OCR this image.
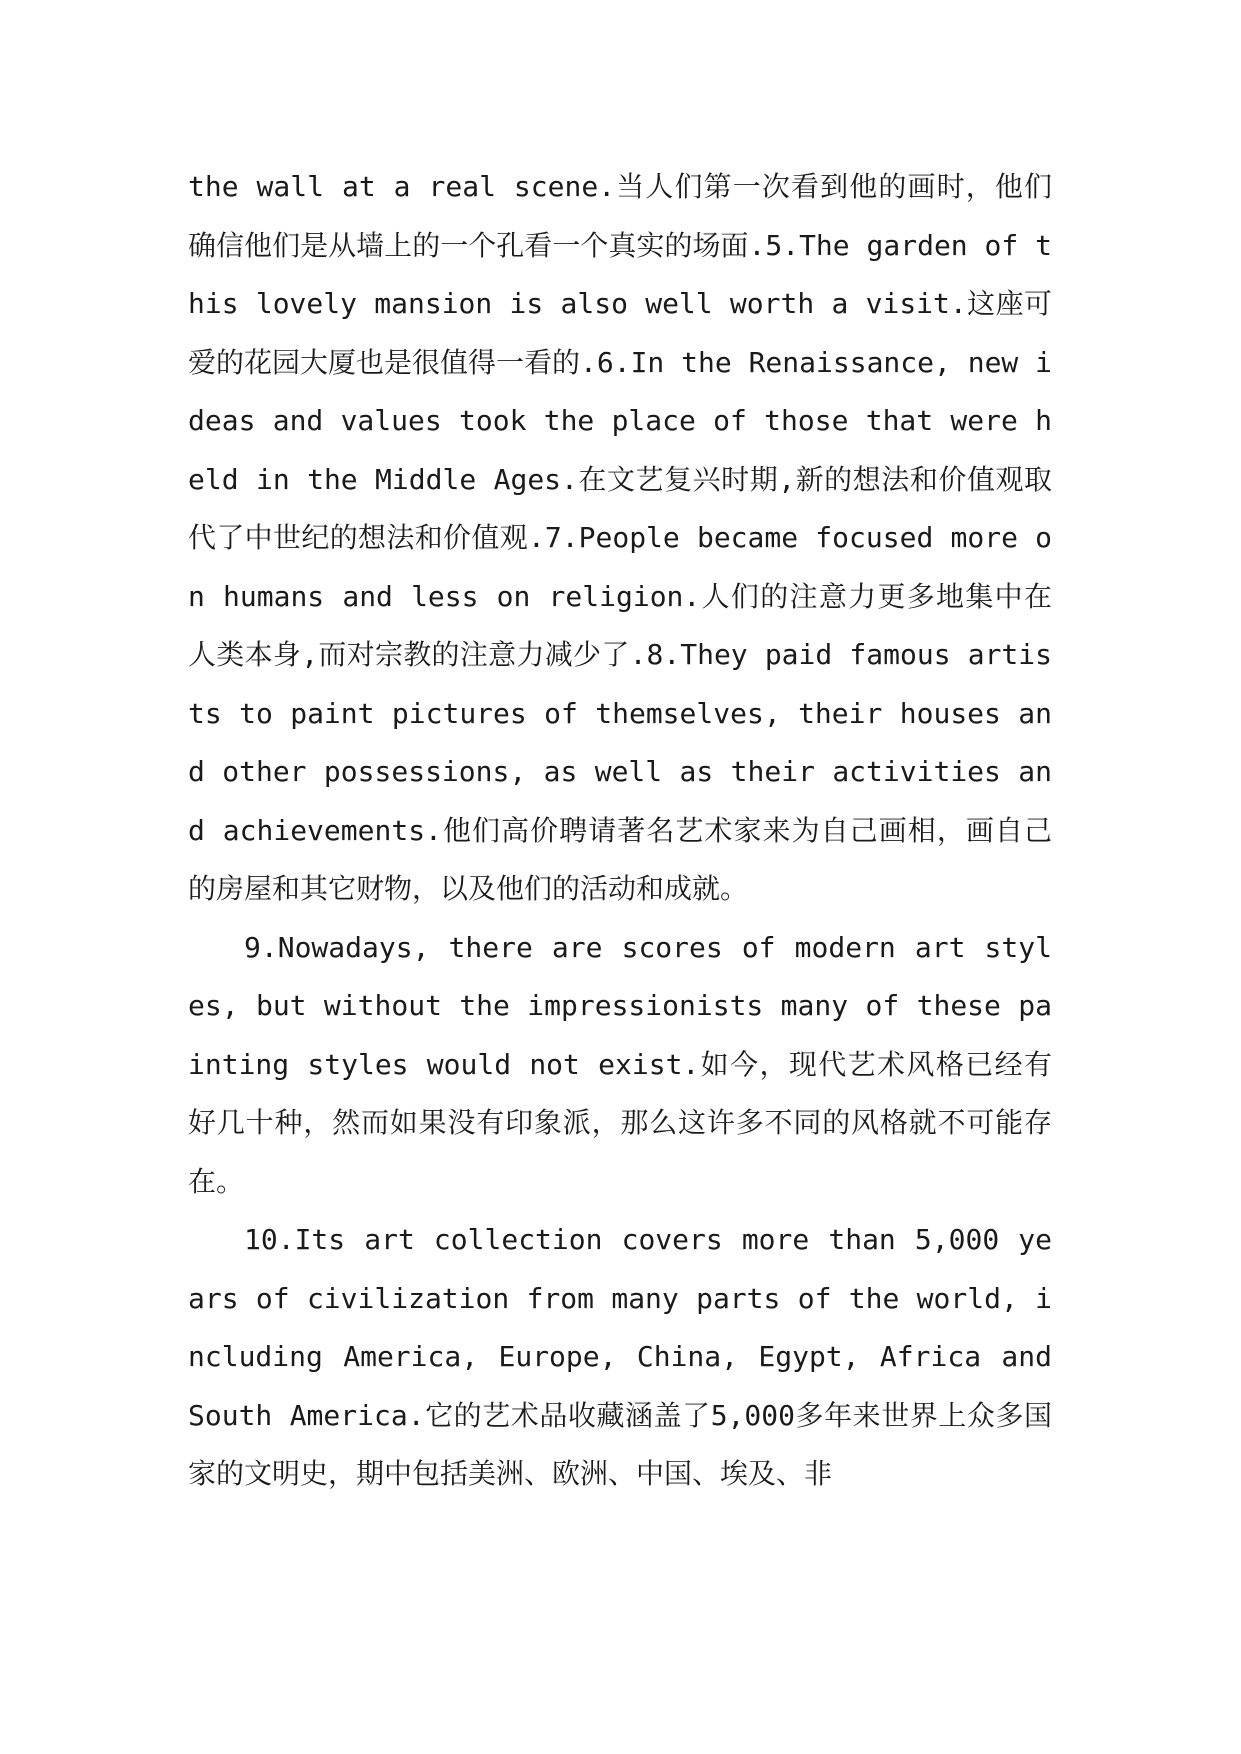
the wall at a real scene.当人们第一次看到他的画时，他们确信他们是从墙上的一个孔看一个真实的场面.5.The garden of this lovely mansion is also well worth a visit.这座可爱的花园大厦也是很值得一看的.6.In the Renaissance, new ideas and values took the place of those that were held in the Middle Ages.在文艺复兴时期,新的想法和价值观取代了中世纪的想法和价值观.7.People became focused more on humans and less on religion.人们的注意力更多地集中在人类本身,而对宗教的注意力减少了.8.They paid famous artists to paint pictures of themselves, their houses and other possessions, as well as their activities and achievements.他们高价聘请著名艺术家来为自己画相，画自己的房屋和其它财物，以及他们的活动和成就。

9.Nowadays, there are scores of modern art styles, but without the impressionists many of these painting styles would not exist.如今，现代艺术风格已经有好几十种，然而如果没有印象派，那么这许多不同的风格就不可能存在。

10.Its art collection covers more than 5,000 years of civilization from many parts of the world, including America, Europe, China, Egypt, Africa and South America.它的艺术品收藏涵盖了5,000多年来世界上众多国家的文明史，期中包括美洲、欧洲、中国、埃及、非
